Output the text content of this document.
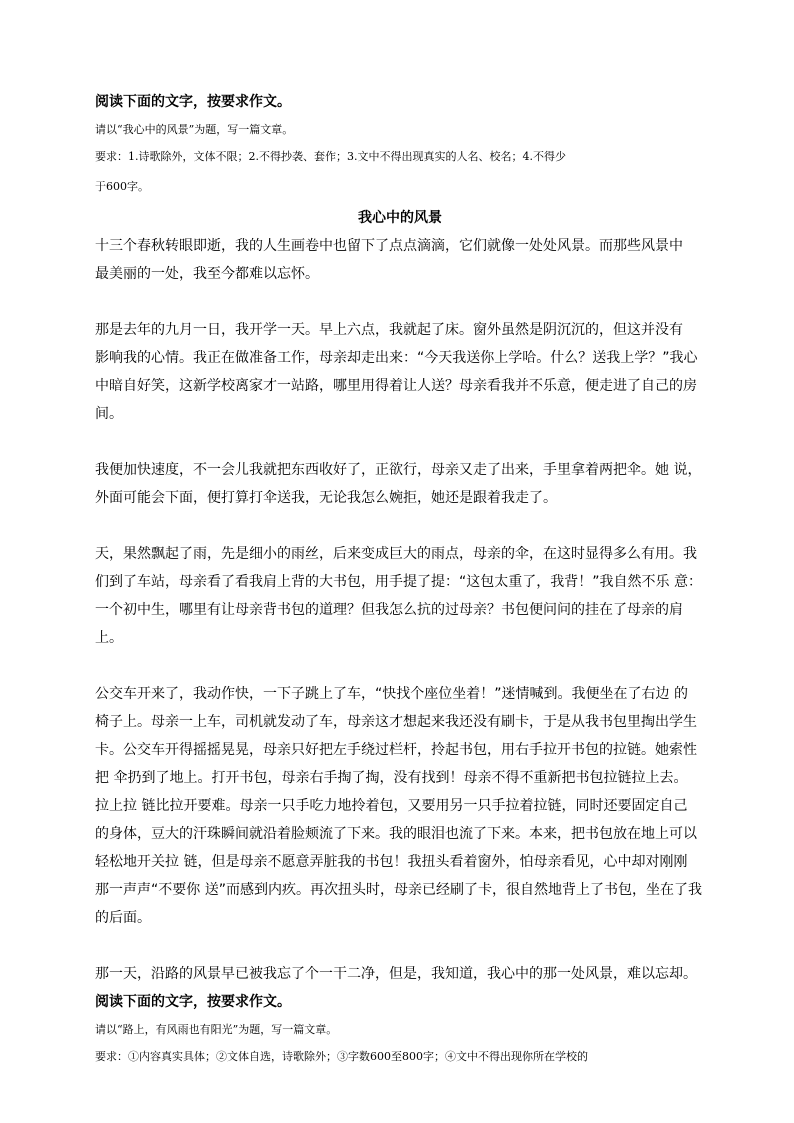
阅读下面的文字，按要求作文。
请以“我心中的风景”为题，写一篇文章。
要求：1.诗歌除外，文体不限；2.不得抄袭、套作；3.文中不得出现真实的人名、校名；4.不得少
于600字。
我心中的风景
十三个春秋转眼即逝，我的人生画卷中也留下了点点滴滴，它们就像一处处风景。而那些风景中
最美丽的一处，我至今都难以忘怀。
那是去年的九月一日，我开学一天。早上六点，我就起了床。窗外虽然是阴沉沉的，但这并没有
影响我的心情。我正在做准备工作，母亲却走出来：“今天我送你上学哈。什么？送我上学？”我心
中暗自好笑，这新学校离家才一站路，哪里用得着让人送？母亲看我并不乐意，便走进了自己的房
间。
我便加快速度，不一会儿我就把东西收好了，正欲行，母亲又走了出来，手里拿着两把伞。她 说，
外面可能会下面，便打算打伞送我，无论我怎么婉拒，她还是跟着我走了。
天，果然飘起了雨，先是细小的雨丝，后来变成巨大的雨点，母亲的伞，在这时显得多么有用。我
们到了车站，母亲看了看我肩上背的大书包，用手提了提：“这包太重了，我背！”我自然不乐 意：
一个初中生，哪里有让母亲背书包的道理？但我怎么抗的过母亲？书包便问问的挂在了母亲的肩
上。
公交车开来了，我动作快，一下子跳上了车，“快找个座位坐着！”迷情喊到。我便坐在了右边 的
椅子上。母亲一上车，司机就发动了车，母亲这才想起来我还没有刷卡，于是从我书包里掏出学生
卡。公交车开得摇摇晃晃，母亲只好把左手绕过栏杆，拎起书包，用右手拉开书包的拉链。她索性
把 伞扔到了地上。打开书包，母亲右手掏了掏，没有找到！母亲不得不重新把书包拉链拉上去。
拉上拉 链比拉开要难。母亲一只手吃力地拎着包，又要用另一只手拉着拉链，同时还要固定自己
的身体，豆大的汗珠瞬间就沿着脸颊流了下来。我的眼泪也流了下来。本来，把书包放在地上可以
轻松地开关拉 链，但是母亲不愿意弄脏我的书包！我扭头看着窗外，怕母亲看见，心中却对刚刚
那一声声“不要你 送”而感到内疚。再次扭头时，母亲已经刷了卡，很自然地背上了书包，坐在了我
的后面。
那一天，沿路的风景早已被我忘了个一干二净，但是，我知道，我心中的那一处风景，难以忘却。
阅读下面的文字，按要求作文。
请以“路上，有风雨也有阳光”为题，写一篇文章。
要求：①内容真实具体；②文体自选，诗歌除外；③字数600至800字；④文中不得出现你所在学校的
